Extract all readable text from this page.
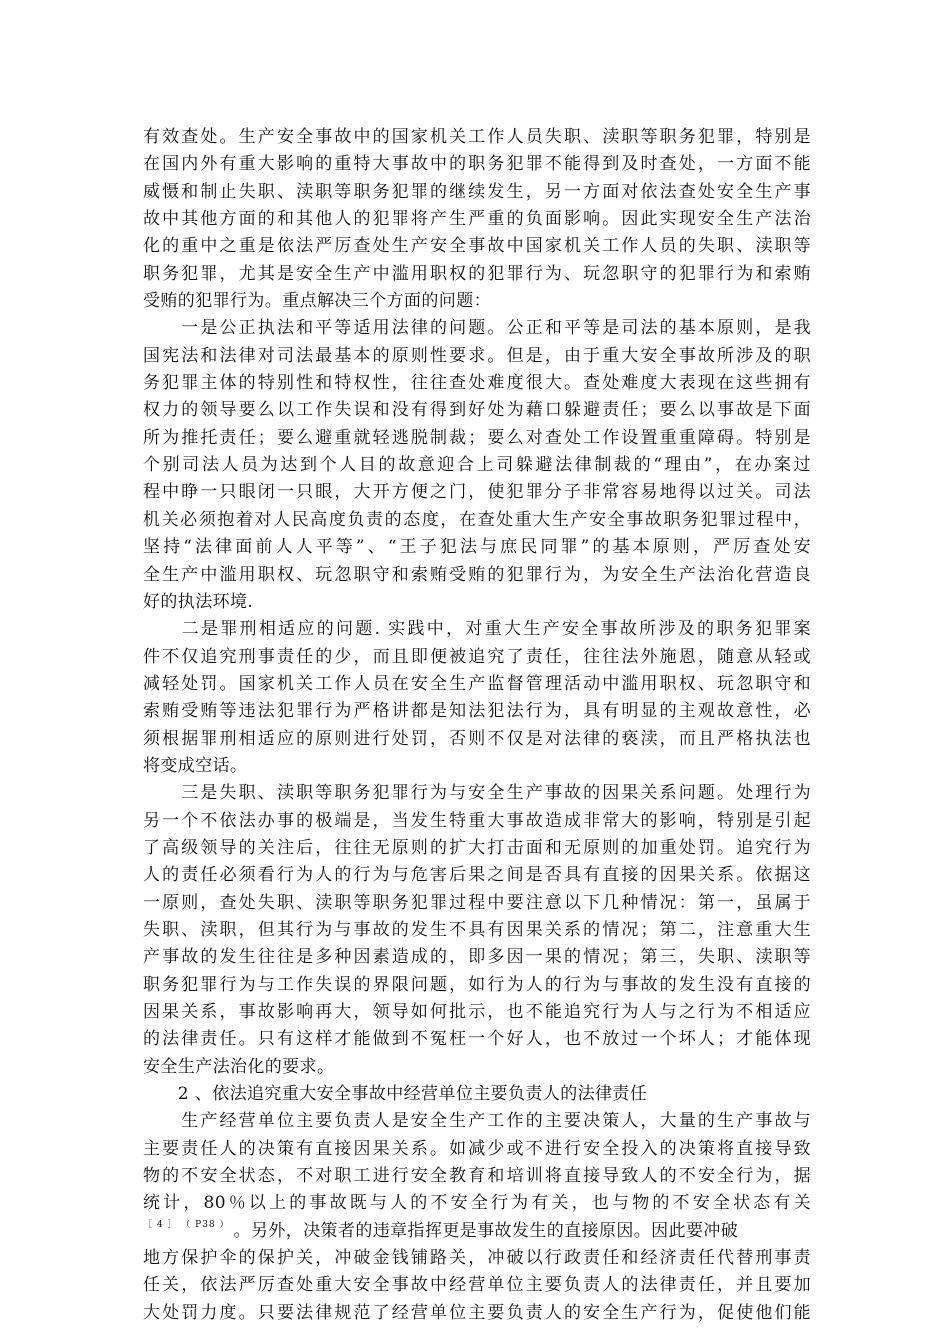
有效查处。生产安全事故中的国家机关工作人员失职、渎职等职务犯罪，特别是
在国内外有重大影响的重特大事故中的职务犯罪不能得到及时查处，一方面不能
威慑和制止失职、渎职等职务犯罪的继续发生，另一方面对依法查处安全生产事
故中其他方面的和其他人的犯罪将产生严重的负面影响。因此实现安全生产法治
化的重中之重是依法严厉查处生产安全事故中国家机关工作人员的失职、渎职等
职务犯罪，尤其是安全生产中滥用职权的犯罪行为、玩忽职守的犯罪行为和索贿
受贿的犯罪行为。重点解决三个方面的问题：
　　一是公正执法和平等适用法律的问题。公正和平等是司法的基本原则，是我
国宪法和法律对司法最基本的原则性要求。但是，由于重大安全事故所涉及的职
务犯罪主体的特别性和特权性，往往查处难度很大。查处难度大表现在这些拥有
权力的领导要么以工作失误和没有得到好处为藉口躲避责任；要么以事故是下面
所为推托责任；要么避重就轻逃脱制裁；要么对查处工作设置重重障碍。特别是
个别司法人员为达到个人目的故意迎合上司躲避法律制裁的“理由”，在办案过
程中睁一只眼闭一只眼，大开方便之门，使犯罪分子非常容易地得以过关。司法
机关必须抱着对人民高度负责的态度，在查处重大生产安全事故职务犯罪过程中，
坚持“法律面前人人平等”、“王子犯法与庶民同罪”的基本原则，严厉查处安
全生产中滥用职权、玩忽职守和索贿受贿的犯罪行为，为安全生产法治化营造良
好的执法环境.
　　二是罪刑相适应的问题. 实践中，对重大生产安全事故所涉及的职务犯罪案
件不仅追究刑事责任的少，而且即便被追究了责任，往往法外施恩，随意从轻或
减轻处罚。国家机关工作人员在安全生产监督管理活动中滥用职权、玩忽职守和
索贿受贿等违法犯罪行为严格讲都是知法犯法行为，具有明显的主观故意性，必
须根据罪刑相适应的原则进行处罚，否则不仅是对法律的亵渎，而且严格执法也
将变成空话。
　　三是失职、渎职等职务犯罪行为与安全生产事故的因果关系问题。处理行为
另一个不依法办事的极端是，当发生特重大事故造成非常大的影响，特别是引起
了高级领导的关注后，往往无原则的扩大打击面和无原则的加重处罚。追究行为
人的责任必须看行为人的行为与危害后果之间是否具有直接的因果关系。依据这
一原则，查处失职、渎职等职务犯罪过程中要注意以下几种情况：第一，虽属于
失职、渎职，但其行为与事故的发生不具有因果关系的情况；第二，注意重大生
产事故的发生往往是多种因素造成的，即多因一果的情况；第三，失职、渎职等
职务犯罪行为与工作失误的界限问题，如行为人的行为与事故的发生没有直接的
因果关系，事故影响再大，领导如何批示，也不能追究行为人与之行为不相适应
的法律责任。只有这样才能做到不冤枉一个好人，也不放过一个坏人；才能体现
安全生产法治化的要求。
　　2 、依法追究重大安全事故中经营单位主要负责人的法律责任
　　生产经营单位主要负责人是安全生产工作的主要决策人，大量的生产事故与
主要责任人的决策有直接因果关系。如减少或不进行安全投入的决策将直接导致
物的不安全状态，不对职工进行安全教育和培训将直接导致人的不安全行为，据
统计，80％以上的事故既与人的不安全行为有关，也与物的不安全状态有关
［ 4 ］ （ P38 ） 。另外，决策者的违章指挥更是事故发生的直接原因。因此要冲破
地方保护伞的保护关，冲破金钱铺路关，冲破以行政责任和经济责任代替刑事责
任关，依法严厉查处重大安全事故中经营单位主要负责人的法律责任，并且要加
大处罚力度。只要法律规范了经营单位主要负责人的安全生产行为，促使他们能
